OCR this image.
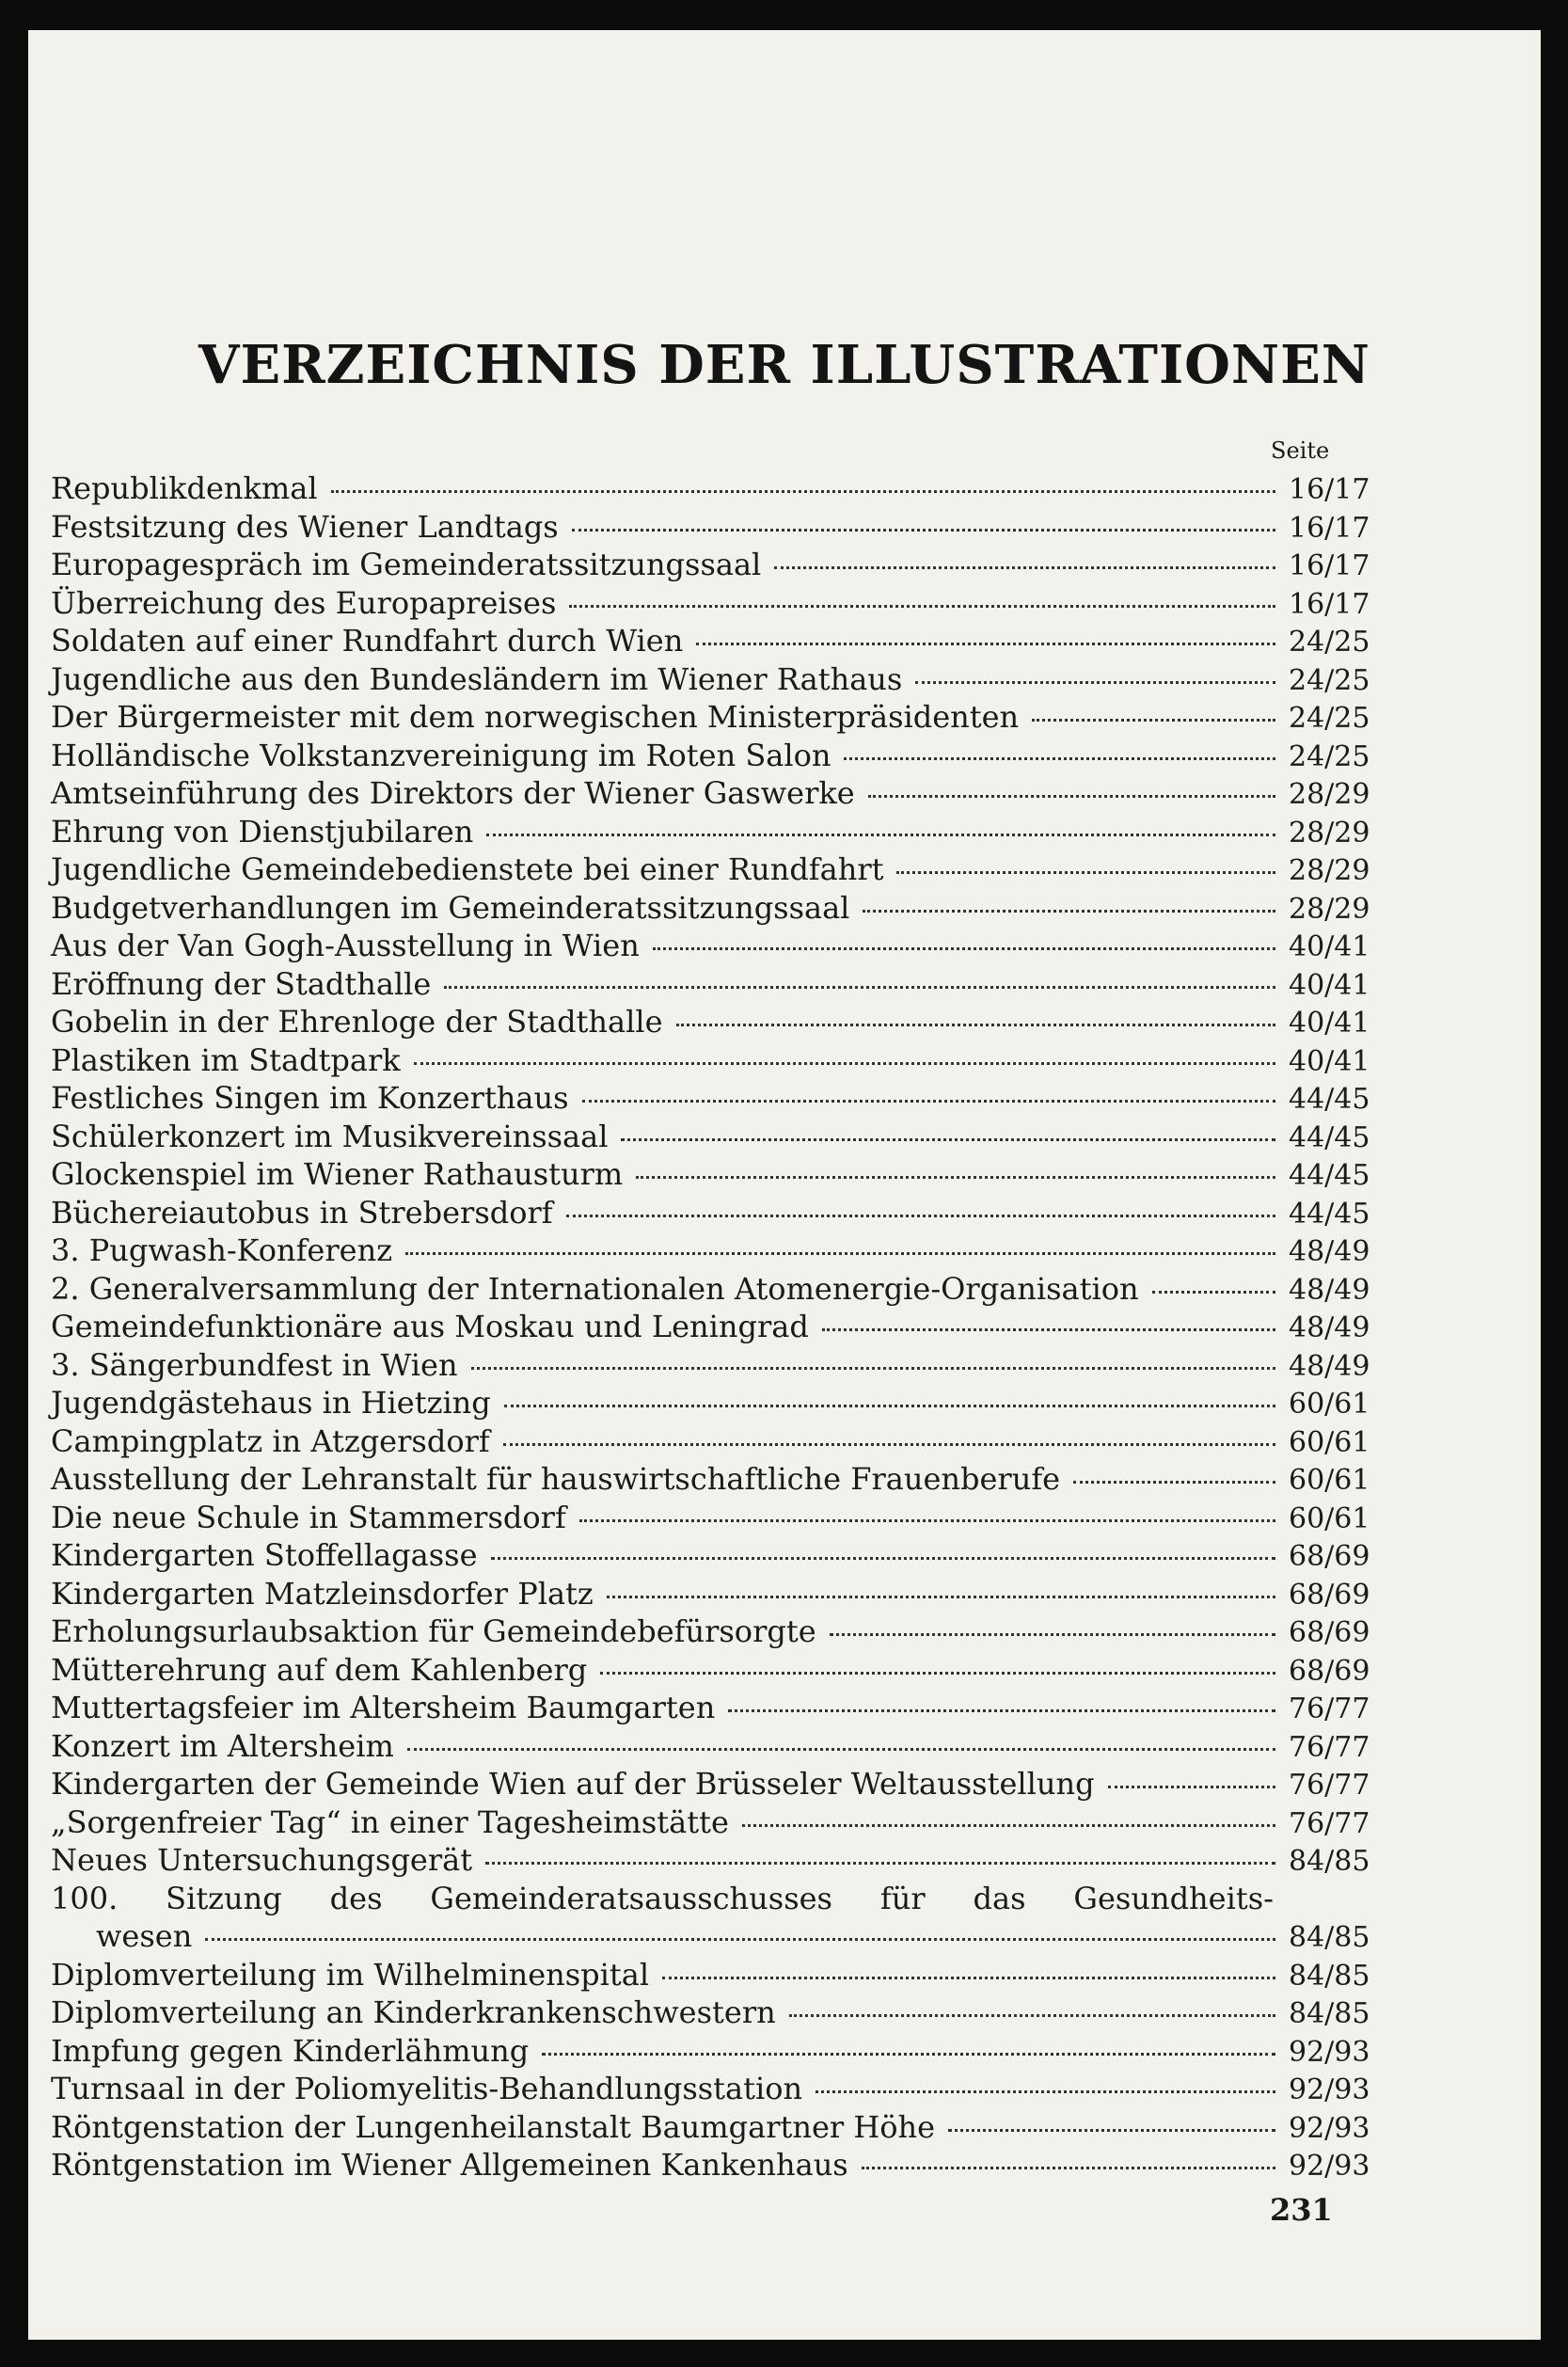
VERZEICHNIS DER ILLUSTRATIONEN
Seite
Republikdenkmal	16/17
Festsitzung des Wiener Landtags	16/17
Europagespräch im Gemeinderatssitzungssaal	16/17
Überreichung des Europapreises	16/17
Soldaten auf einer Rundfahrt durch Wien	24/25
Jugendliche aus den Bundesländern im Wiener Rathaus	24/25
Der Bürgermeister mit dem norwegischen Ministerpräsidenten	24/25
Holländische Volkstanzvereinigung im Roten Salon	24/25
Amtseinführung des Direktors der Wiener Gaswerke	28/29
Ehrung von Dienstjubilaren	28/29
Jugendliche Gemeindebedienstete bei einer Rundfahrt	28/29
Budgetverhandlungen im Gemeinderatssitzungssaal	28/29
Aus der Van Gogh-Ausstellung in Wien	40/41
Eröffnung der Stadthalle	40/41
Gobelin in der Ehrenloge der Stadthalle	40/41
Plastiken im Stadtpark	40/41
Festliches Singen im Konzerthaus	44/45
Schülerkonzert im Musikvereinssaal	44/45
Glockenspiel im Wiener Rathausturm	44/45
Büchereiautobus in Strebersdorf	44/45
3. Pugwash-Konferenz	48/49
2. Generalversammlung der Internationalen Atomenergie-Organisation	48/49
Gemeindefunktionäre aus Moskau und Leningrad	48/49
3. Sängerbundfest in Wien	48/49
Jugendgästehaus in Hietzing	60/61
Campingplatz in Atzgersdorf	60/61
Ausstellung der Lehranstalt für hauswirtschaftliche Frauenberufe	60/61
Die neue Schule in Stammersdorf	60/61
Kindergarten Stoffellagasse	68/69
Kindergarten Matzleinsdorfer Platz	68/69
Erholungsurlaubsaktion für Gemeindebefürsorgte	68/69
Mütterehrung auf dem Kahlenberg	68/69
Muttertagsfeier im Altersheim Baumgarten	76/77
Konzert im Altersheim	76/77
Kindergarten der Gemeinde Wien auf der Brüsseler Weltausstellung	76/77
„Sorgenfreier Tag“ in einer Tagesheimstätte	76/77
Neues Untersuchungsgerät	84/85
100. Sitzung des Gemeinderatsausschusses für das Gesundheits-
wesen	84/85
Diplomverteilung im Wilhelminenspital	84/85
Diplomverteilung an Kinderkrankenschwestern	84/85
Impfung gegen Kinderlähmung	92/93
Turnsaal in der Poliomyelitis-Behandlungsstation	92/93
Röntgenstation der Lungenheilanstalt Baumgartner Höhe	92/93
Röntgenstation im Wiener Allgemeinen Kankenhaus	92/93
231
